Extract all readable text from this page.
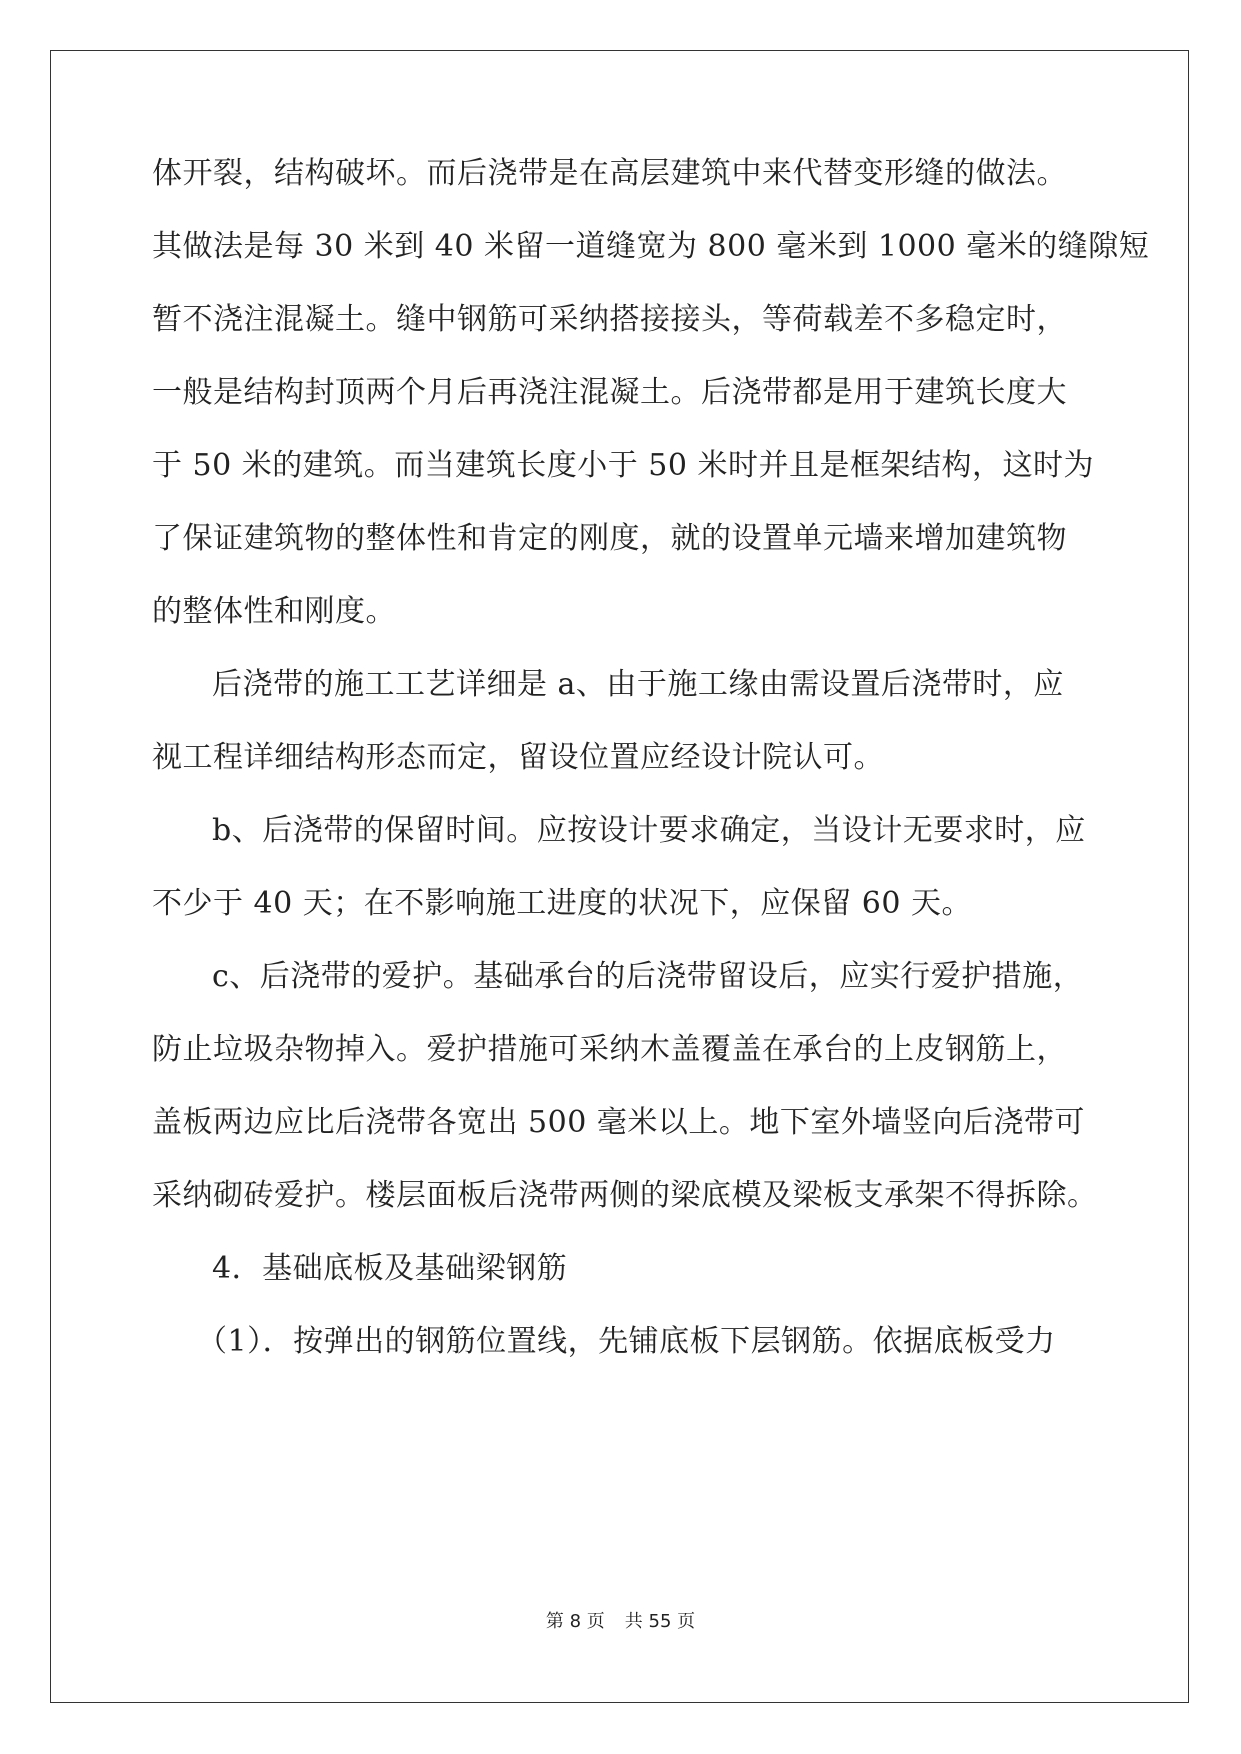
体开裂，结构破坏。而后浇带是在高层建筑中来代替变形缝的做法。
其做法是每 30 米到 40 米留一道缝宽为 800 毫米到 1000 毫米的缝隙短
暂不浇注混凝土。缝中钢筋可采纳搭接接头，等荷载差不多稳定时，
一般是结构封顶两个月后再浇注混凝土。后浇带都是用于建筑长度大
于 50 米的建筑。而当建筑长度小于 50 米时并且是框架结构，这时为
了保证建筑物的整体性和肯定的刚度，就的设置单元墙来增加建筑物
的整体性和刚度。
后浇带的施工工艺详细是 a、由于施工缘由需设置后浇带时，应
视工程详细结构形态而定，留设位置应经设计院认可。
b、后浇带的保留时间。应按设计要求确定，当设计无要求时，应
不少于 40 天；在不影响施工进度的状况下，应保留 60 天。
c、后浇带的爱护。基础承台的后浇带留设后，应实行爱护措施，
防止垃圾杂物掉入。爱护措施可采纳木盖覆盖在承台的上皮钢筋上，
盖板两边应比后浇带各宽出 500 毫米以上。地下室外墙竖向后浇带可
采纳砌砖爱护。楼层面板后浇带两侧的梁底模及梁板支承架不得拆除。
4．基础底板及基础梁钢筋
（1）．按弹出的钢筋位置线，先铺底板下层钢筋。依据底板受力
第 8 页 共 55 页
